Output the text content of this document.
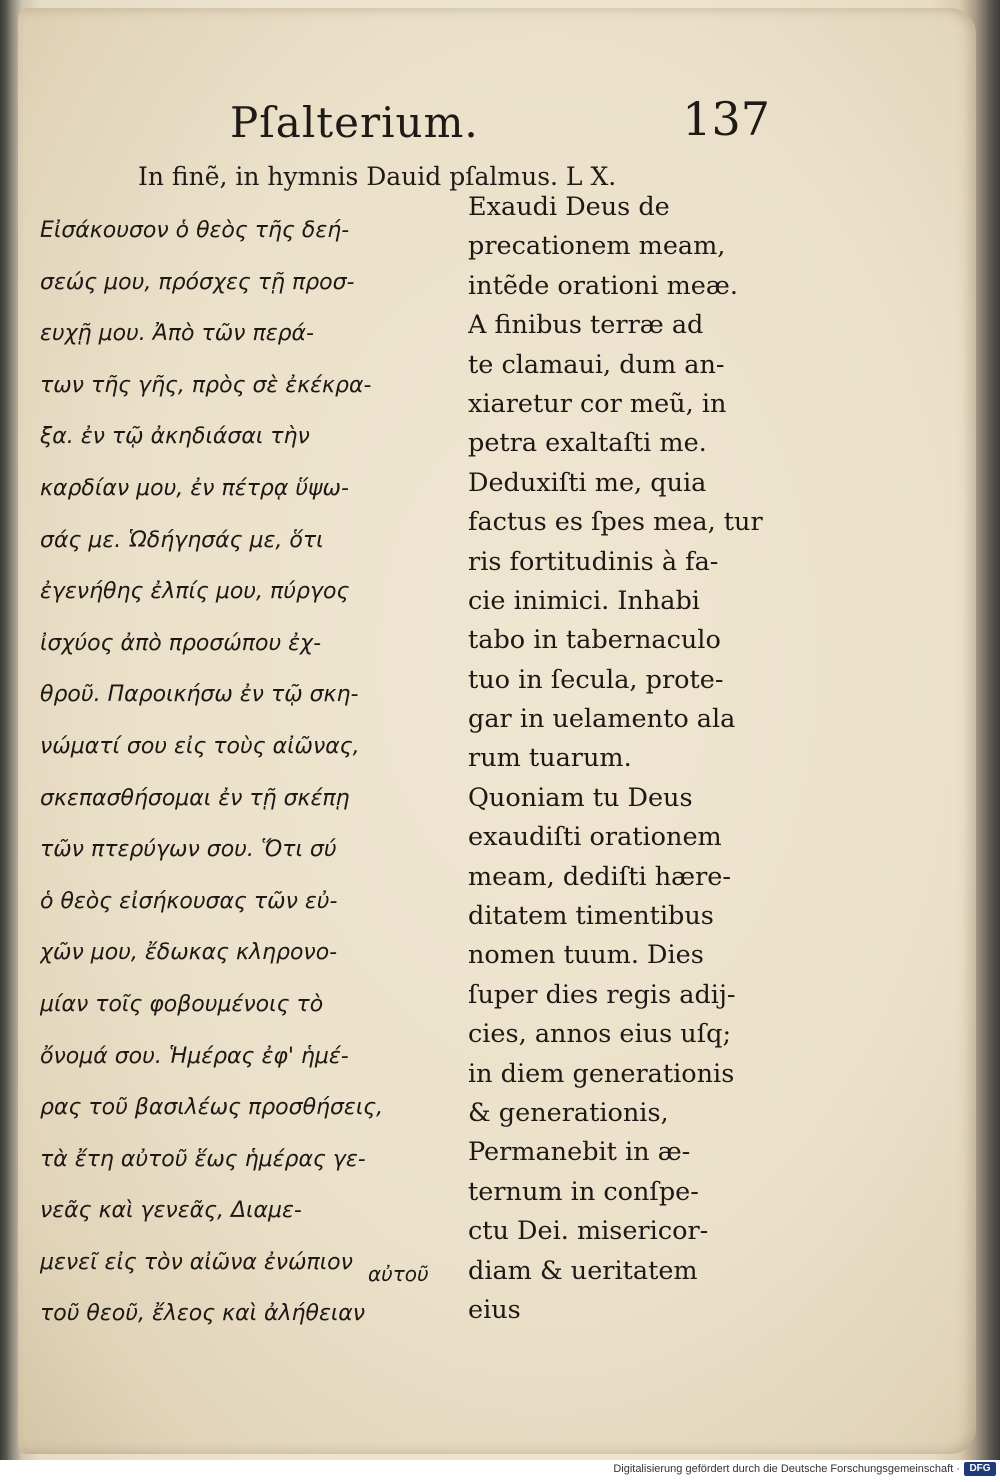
Pſalterium.	137
In finẽ, in hymnis Dauid pſalmus. L X.
Εἰσάκουσον ὁ θεὸς τῆς δεή-
σεώς μου, πρόσχες τῇ προσ-
ευχῇ μου. Ἀπὸ τῶν περά-
των τῆς γῆς, πρὸς σὲ ἐκέκρα-
ξα. ἐν τῷ ἀκηδιάσαι τὴν
καρδίαν μου, ἐν πέτρᾳ ὕψω-
σάς με. Ὡδήγησάς με, ὅτι
ἐγενήθης ἐλπίς μου, πύργος
ἰσχύος ἀπὸ προσώπου ἐχ-
θροῦ. Παροικήσω ἐν τῷ σκη-
νώματί σου εἰς τοὺς αἰῶνας,
σκεπασθήσομαι ἐν τῇ σκέπῃ
τῶν πτερύγων σου. Ὅτι σύ
ὁ θεὸς εἰσήκουσας τῶν εὐ-
χῶν μου, ἔδωκας κληρονο-
μίαν τοῖς φοβουμένοις τὸ
ὄνομά σου. Ἡμέρας ἐφ' ἡμέ-
ρας τοῦ βασιλέως προσθήσεις,
τὰ ἔτη αὐτοῦ ἕως ἡμέρας γε-
νεᾶς καὶ γενεᾶς, Διαμε-
μενεῖ εἰς τὸν αἰῶνα ἐνώπιον
τοῦ θεοῦ, ἔλεος καὶ ἀλήθειαν
Exaudi Deus de
precationem meam,
intẽde orationi meæ.
A finibus terræ ad
te clamaui, dum an-
xiaretur cor meũ, in
petra exaltaſti me.
Deduxiſti me, quia
factus es ſpes mea, tur
ris fortitudinis à fa-
cie inimici. Inhabi
tabo in tabernaculo
tuo in ſecula, prote-
gar in uelamento ala
rum tuarum.
Quoniam tu Deus
exaudiſti orationem
meam, dediſti hære-
ditatem timentibus
nomen tuum. Dies
ſuper dies regis adij-
cies, annos eius uſq;
in diem generationis
& generationis,
Permanebit in æ-
ternum in conſpe-
ctu Dei. misericor-
diam & ueritatem
eius
αὐτοῦ
Digitalisierung gefördert durch die Deutsche Forschungsgemeinschaft · DFG
